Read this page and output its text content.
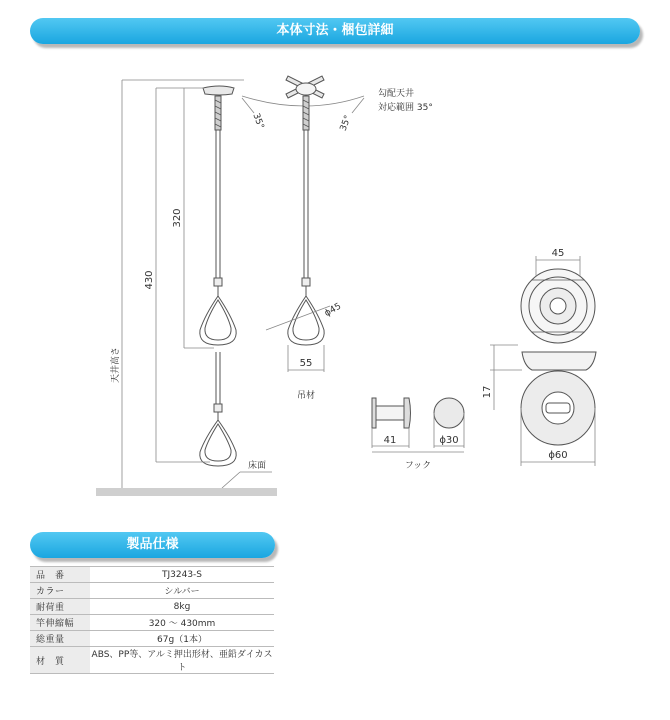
本体寸法・梱包詳細
320
430
天井高さ
床面
35°	35°
勾配天井
対応範囲 35°
ϕ45
55
吊材
41	ϕ30
フック
45
17
ϕ60
製品仕様
品　番	TJ3243-S
カラー	シルバー
耐荷重	8kg
竿伸縮幅	320 ～ 430mm
総重量	67g（1本）
材　質	ABS、PP等、アルミ押出形材、亜鉛ダイカスト
